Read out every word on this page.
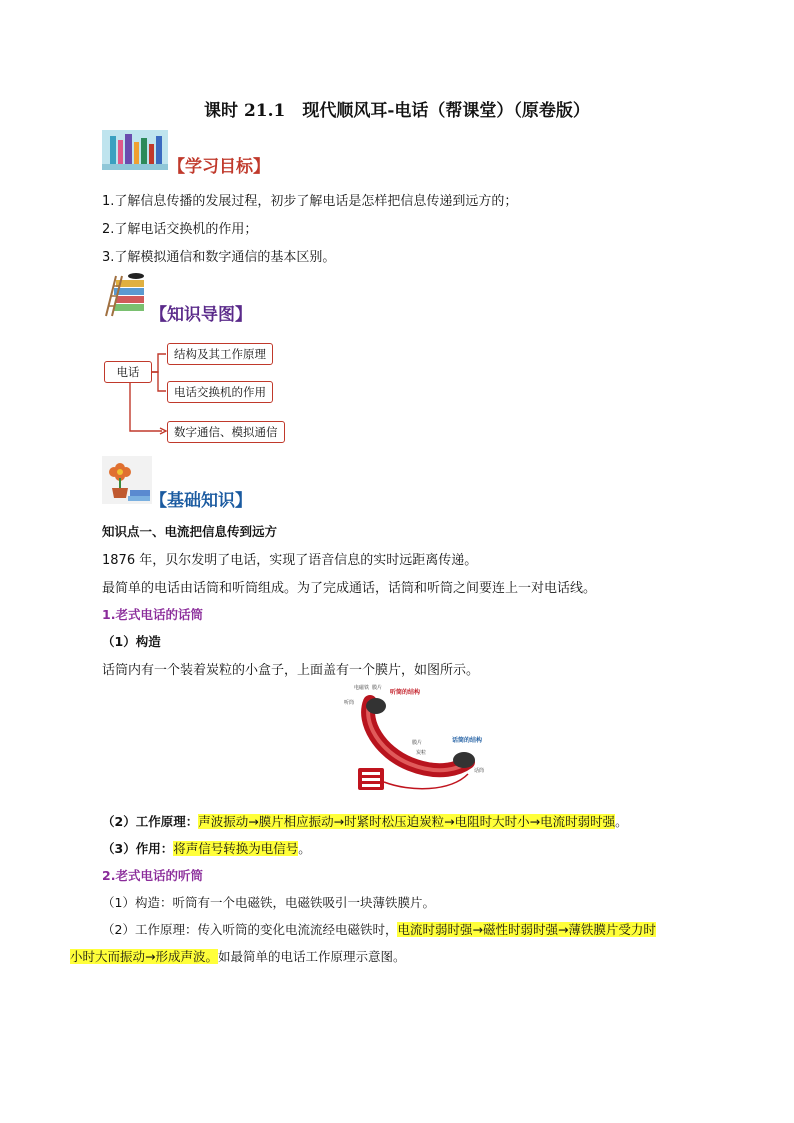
课时 21.1　现代顺风耳-电话（帮课堂）（原卷版）
【学习目标】
1.了解信息传播的发展过程，初步了解电话是怎样把信息传递到远方的；
2.了解电话交换机的作用；
3.了解模拟通信和数字通信的基本区别。
【知识导图】
电话
结构及其工作原理
电话交换机的作用
数字通信、模拟通信
【基础知识】
知识点一、电流把信息传到远方
1876 年，贝尔发明了电话，实现了语音信息的实时远距离传递。
最简单的电话由话筒和听筒组成。为了完成通话，话筒和听筒之间要连上一对电话线。
1.老式电话的话筒
（1）构造
话筒内有一个装着炭粒的小盒子，上面盖有一个膜片，如图所示。
电磁铁 膜片
听筒
听筒的结构
话筒的结构
膜片
炭粒
话筒
（2）工作原理：声波振动→膜片相应振动→时紧时松压迫炭粒→电阻时大时小→电流时弱时强。
（3）作用：将声信号转换为电信号。
2.老式电话的听筒
（1）构造：听筒有一个电磁铁，电磁铁吸引一块薄铁膜片。
（2）工作原理：传入听筒的变化电流流经电磁铁时，电流时弱时强→磁性时弱时强→薄铁膜片受力时
小时大而振动→形成声波。如最简单的电话工作原理示意图。
